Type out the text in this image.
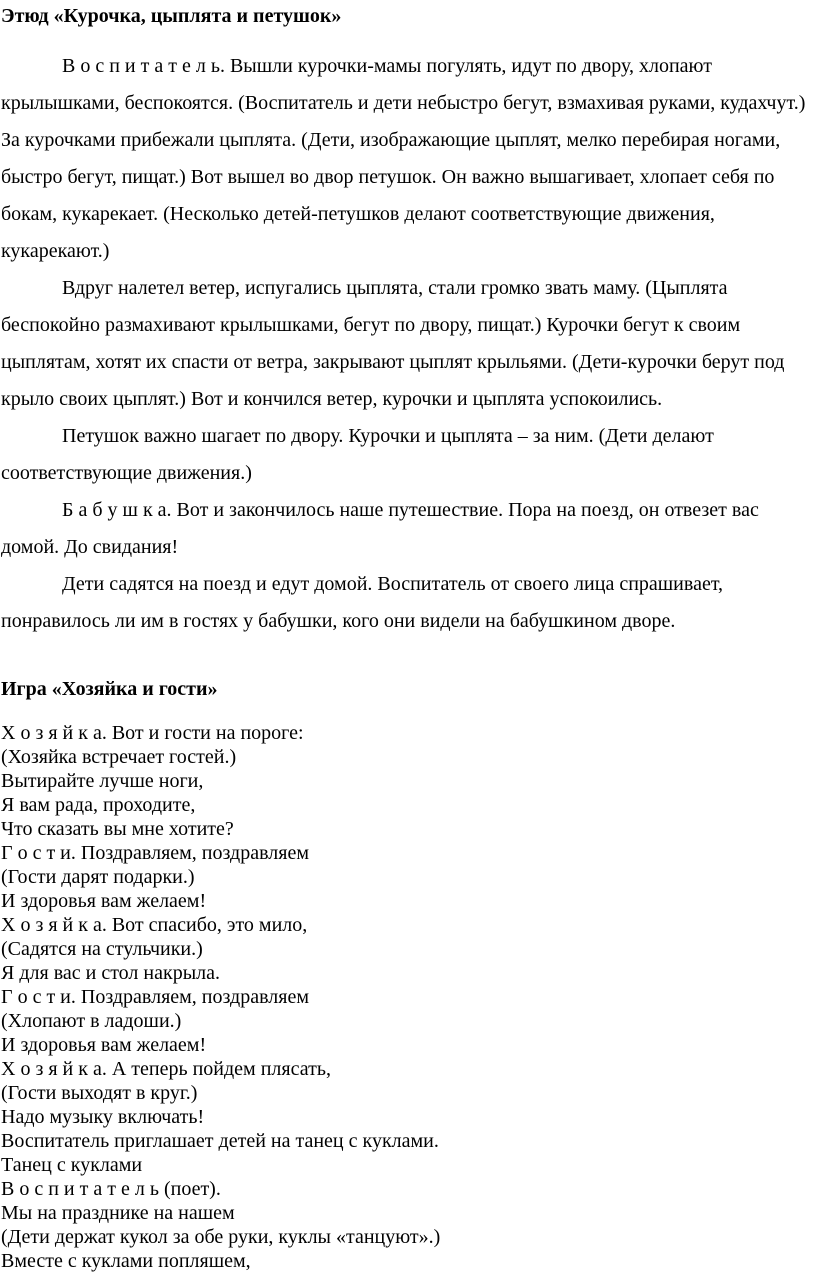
Этюд «Курочка, цыплята и петушок»

В о с п и т а т е л ь. Вышли курочки-мамы погулять, идут по двору, хлопают крылышками, беспокоятся. (Воспитатель и дети небыстро бегут, взмахивая руками, кудахчут.) За курочками прибежали цыплята. (Дети, изображающие цыплят, мелко перебирая ногами, быстро бегут, пищат.) Вот вышел во двор петушок. Он важно вышагивает, хлопает себя по бокам, кукарекает. (Несколько детей-петушков делают соответствующие движения, кукарекают.)

Вдруг налетел ветер, испугались цыплята, стали громко звать маму. (Цыплята беспокойно размахивают крылышками, бегут по двору, пищат.) Курочки бегут к своим цыплятам, хотят их спасти от ветра, закрывают цыплят крыльями. (Дети-курочки берут под крыло своих цыплят.) Вот и кончился ветер, курочки и цыплята успокоились.

Петушок важно шагает по двору. Курочки и цыплята – за ним. (Дети делают соответствующие движения.)

Б а б у ш к а. Вот и закончилось наше путешествие. Пора на поезд, он отвезет вас домой. До свидания!

Дети садятся на поезд и едут домой. Воспитатель от своего лица спрашивает, понравилось ли им в гостях у бабушки, кого они видели на бабушкином дворе.

Игра «Хозяйка и гости»

Х о з я й к а. Вот и гости на пороге:

(Хозяйка встречает гостей.)

Вытирайте лучше ноги,

Я вам рада, проходите,

Что сказать вы мне хотите?

Г о с т и. Поздравляем, поздравляем

(Гости дарят подарки.)

И здоровья вам желаем!

Х о з я й к а. Вот спасибо, это мило,

(Садятся на стульчики.)

Я для вас и стол накрыла.

Г о с т и. Поздравляем, поздравляем

(Хлопают в ладоши.)

И здоровья вам желаем!

Х о з я й к а. А теперь пойдем плясать,

(Гости выходят в круг.)

Надо музыку включать!

Воспитатель приглашает детей на танец с куклами.

Танец с куклами

В о с п и т а т е л ь (поет).

Мы на празднике на нашем

(Дети держат кукол за обе руки, куклы «танцуют».)

Вместе с куклами попляшем,
